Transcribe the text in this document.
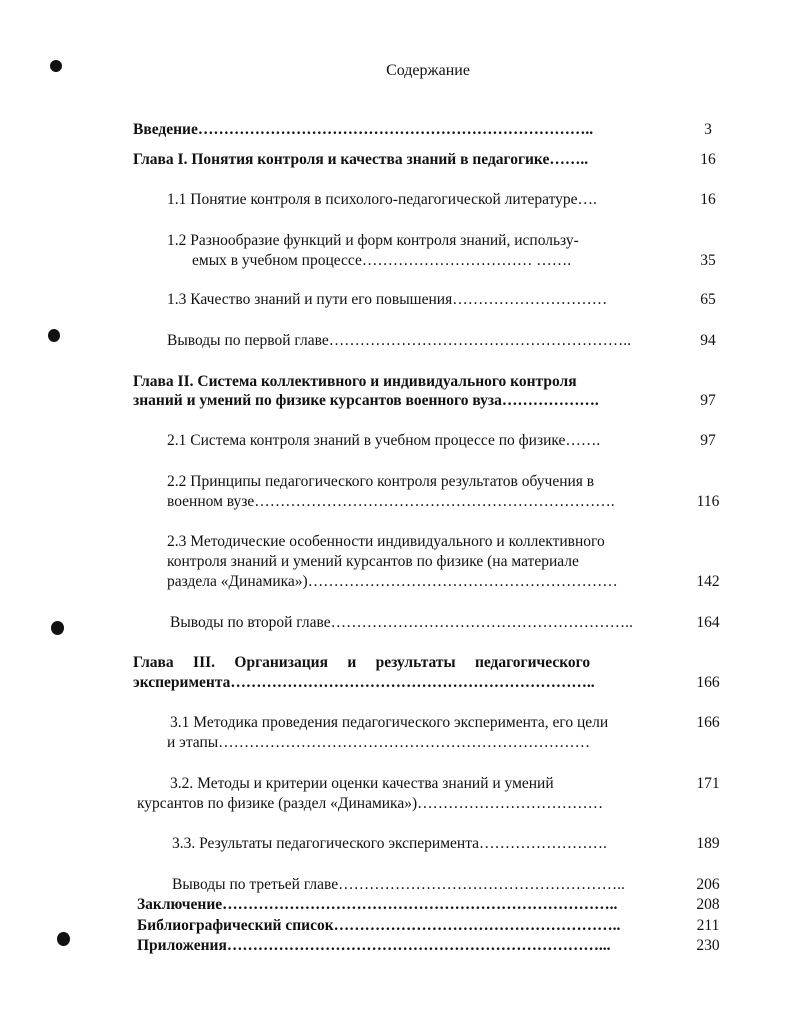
Содержание
Введение…………………………………………………………………..	3
Глава I. Понятия контроля и качества знаний в педагогике……..	16
1.1 Понятие контроля в психолого-педагогической литературе….	16
1.2 Разнообразие функций и форм контроля знаний, использу-
емых в учебном процессе…………………………… …….	35
1.3 Качество знаний и пути его повышения…………………………	65
Выводы по первой главе…………………………………………………..	94
Глава II. Система коллективного и индивидуального контроля
знаний и умений по физике курсантов военного вуза……………….	97
2.1 Система контроля знаний в учебном процессе по физике…….	97
2.2 Принципы педагогического контроля результатов обучения в
военном вузе…………………………………………………………….	116
2.3 Методические особенности индивидуального и коллективного
контроля знаний и умений курсантов по физике (на материале
раздела «Динамика»)……………………………………………………	142
Выводы по второй главе…………………………………………………..	164
Глава     III.     Организация     и     результаты     педагогического
эксперимента……………………………………………………………..	166
3.1 Методика проведения педагогического эксперимента, его цели	166
и этапы………………………………………………………………
3.2. Методы и критерии оценки качества знаний и умений	171
курсантов по физике (раздел «Динамика»)………………………………
3.3. Результаты педагогического эксперимента…………………….	189
Выводы по третьей главе………………………………………………..	206
Заключение…………………………………………………………………..	208
Библиографический список………………………………………………..	211
Приложения………………………………………………………………...	230
